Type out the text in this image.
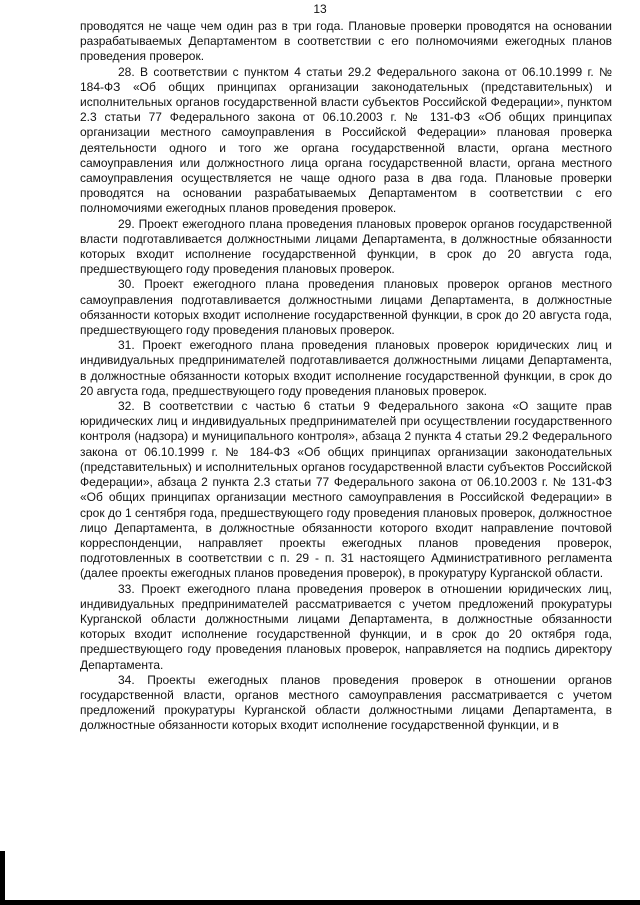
13

проводятся не чаще чем один раз в три года. Плановые проверки проводятся на основании разрабатываемых Департаментом в соответствии с его полномочиями ежегодных планов проведения проверок.

28. В соответствии с пунктом 4 статьи 29.2 Федерального закона от 06.10.1999 г. № 184-ФЗ «Об общих принципах организации законодательных (представительных) и исполнительных органов государственной власти субъектов Российской Федерации», пунктом 2.3 статьи 77 Федерального закона от 06.10.2003 г. № 131-ФЗ «Об общих принципах организации местного самоуправления в Российской Федерации» плановая проверка деятельности одного и того же органа государственной власти, органа местного самоуправления или должностного лица органа государственной власти, органа местного самоуправления осуществляется не чаще одного раза в два года. Плановые проверки проводятся на основании разрабатываемых Департаментом в соответствии с его полномочиями ежегодных планов проведения проверок.

29. Проект ежегодного плана проведения плановых проверок органов государственной власти подготавливается должностными лицами Департамента, в должностные обязанности которых входит исполнение государственной функции, в срок до 20 августа года, предшествующего году проведения плановых проверок.

30. Проект ежегодного плана проведения плановых проверок органов местного самоуправления подготавливается должностными лицами Департамента, в должностные обязанности которых входит исполнение государственной функции, в срок до 20 августа года, предшествующего году проведения плановых проверок.

31. Проект ежегодного плана проведения плановых проверок юридических лиц и индивидуальных предпринимателей подготавливается должностными лицами Департамента, в должностные обязанности которых входит исполнение государственной функции, в срок до 20 августа года, предшествующего году проведения плановых проверок.

32. В соответствии с частью 6 статьи 9 Федерального закона «О защите прав юридических лиц и индивидуальных предпринимателей при осуществлении государственного контроля (надзора) и муниципального контроля», абзаца 2 пункта 4 статьи 29.2 Федерального закона от 06.10.1999 г. № 184-ФЗ «Об общих принципах организации законодательных (представительных) и исполнительных органов государственной власти субъектов Российской Федерации», абзаца 2 пункта 2.3 статьи 77 Федерального закона от 06.10.2003 г. № 131-ФЗ «Об общих принципах организации местного самоуправления в Российской Федерации» в срок до 1 сентября года, предшествующего году проведения плановых проверок, должностное лицо Департамента, в должностные обязанности которого входит направление почтовой корреспонденции, направляет проекты ежегодных планов проведения проверок, подготовленных в соответствии с п. 29 - п. 31 настоящего Административного регламента (далее проекты ежегодных планов проведения проверок), в прокуратуру Курганской области.

33. Проект ежегодного плана проведения проверок в отношении юридических лиц, индивидуальных предпринимателей рассматривается с учетом предложений прокуратуры Курганской области должностными лицами Департамента, в должностные обязанности которых входит исполнение государственной функции, и в срок до 20 октября года, предшествующего году проведения плановых проверок, направляется на подпись директору Департамента.

34. Проекты ежегодных планов проведения проверок в отношении органов государственной власти, органов местного самоуправления рассматривается с учетом предложений прокуратуры Курганской области должностными лицами Департамента, в должностные обязанности которых входит исполнение государственной функции, и в
